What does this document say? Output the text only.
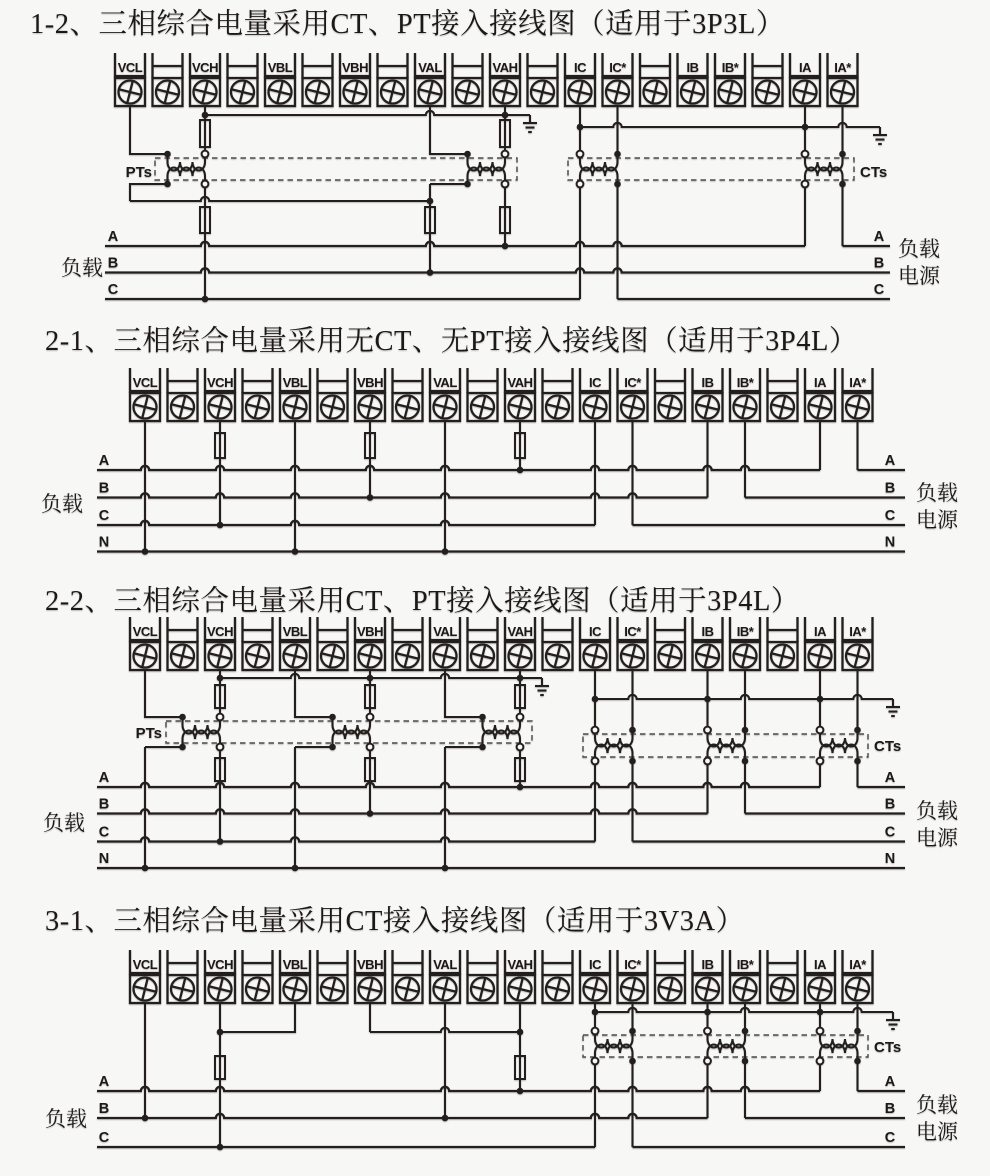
VCL	VCH	VBL	VBH	VAL	VAH	IC IC*	IB IB*	IA IA*
A	A
B	B
C	C
PTs	CTs
负载
负载
电源
VCL	VCH	VBL	VBH	VAL	VAH	IC IC*	IB IB*	IA IA*
A	A
B	B
C	C
N	N
负载	负载
电源
VCL	VCH	VBL	VBH	VAL	VAH	IC IC*	IB IB*	IA IA*
A	A
B	B
C	C
N	N
PTs
CTs
负载	负载
电源
VCL	VCH	VBL	VBH	VAL	VAH	IC IC*	IB IB*	IA IA*
A	A
B	B
C	C
CTs
负载
负载
电源
1-2、三相综合电量采用CT、PT接入接线图（适用于3P3L）
2-1、三相综合电量采用无CT、无PT接入接线图（适用于3P4L）
2-2、三相综合电量采用CT、PT接入接线图（适用于3P4L）
3-1、三相综合电量采用CT接入接线图（适用于3V3A）
